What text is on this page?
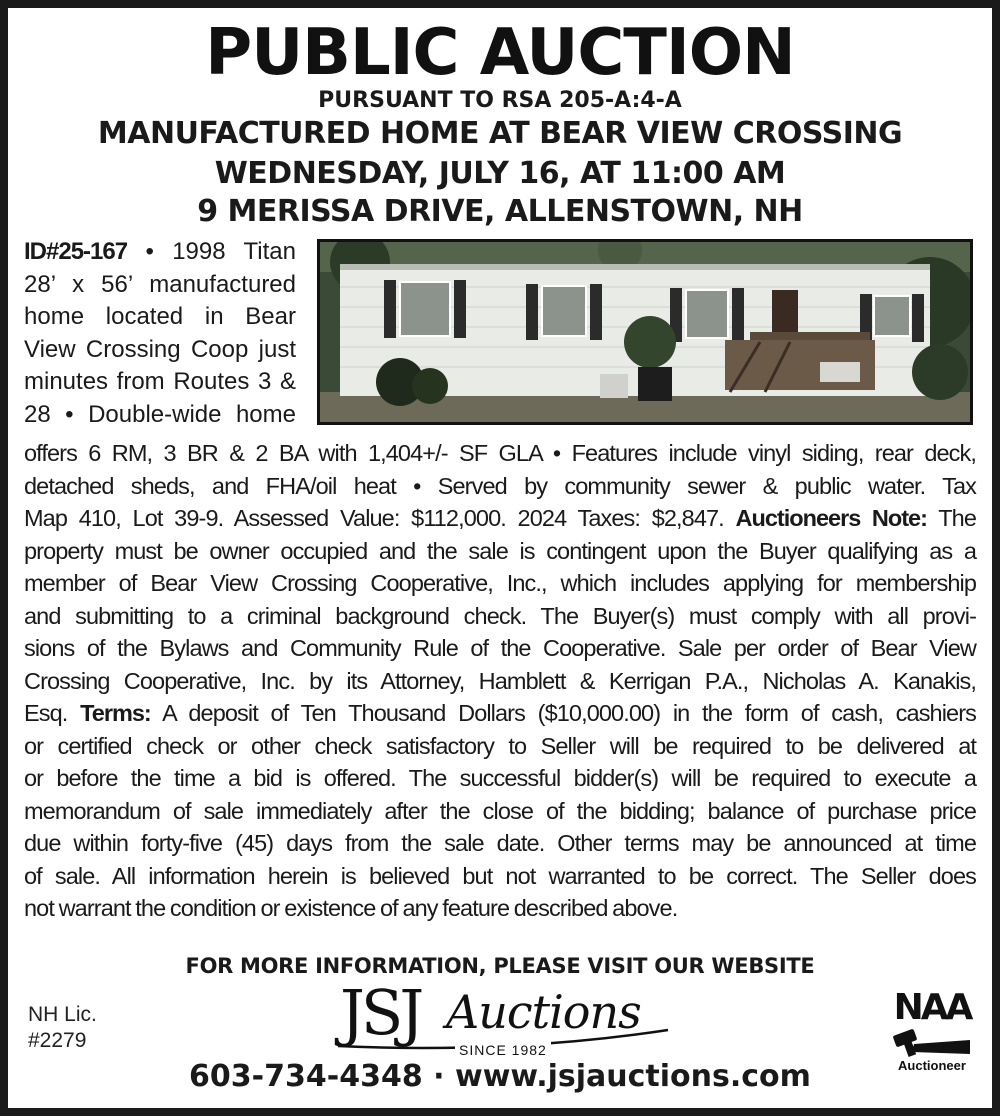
PUBLIC AUCTION
PURSUANT TO RSA 205-A:4-A
MANUFACTURED HOME AT BEAR VIEW CROSSING
WEDNESDAY, JULY 16, AT 11:00 AM
9 MERISSA DRIVE, ALLENSTOWN, NH
ID#25-167 • 1998 Titan
28’ x 56’ manufactured
home located in Bear
View Crossing Coop just
minutes from Routes 3 &
28 • Double-wide home
offers 6 RM, 3 BR & 2 BA with 1,404+/- SF GLA • Features include vinyl siding, rear deck,
detached sheds, and FHA/oil heat • Served by community sewer & public water. Tax
Map 410, Lot 39-9. Assessed Value: $112,000. 2024 Taxes: $2,847. Auctioneers Note: The
property must be owner occupied and the sale is contingent upon the Buyer qualifying as a
member of Bear View Crossing Cooperative, Inc., which includes applying for membership
and submitting to a criminal background check. The Buyer(s) must comply with all provi-
sions of the Bylaws and Community Rule of the Cooperative. Sale per order of Bear View
Crossing Cooperative, Inc. by its Attorney, Hamblett & Kerrigan P.A., Nicholas A. Kanakis,
Esq. Terms: A deposit of Ten Thousand Dollars ($10,000.00) in the form of cash, cashiers
or certified check or other check satisfactory to Seller will be required to be delivered at
or before the time a bid is offered. The successful bidder(s) will be required to execute a
memorandum of sale immediately after the close of the bidding; balance of purchase price
due within forty-five (45) days from the sale date. Other terms may be announced at time
of sale. All information herein is believed but not warranted to be correct. The Seller does
not warrant the condition or existence of any feature described above.
FOR MORE INFORMATION, PLEASE VISIT OUR WEBSITE
NH Lic.
#2279	JSJ Auctions
SINCE 1982
603-734-4348 · www.jsjauctions.com
NAA
Auctioneer
